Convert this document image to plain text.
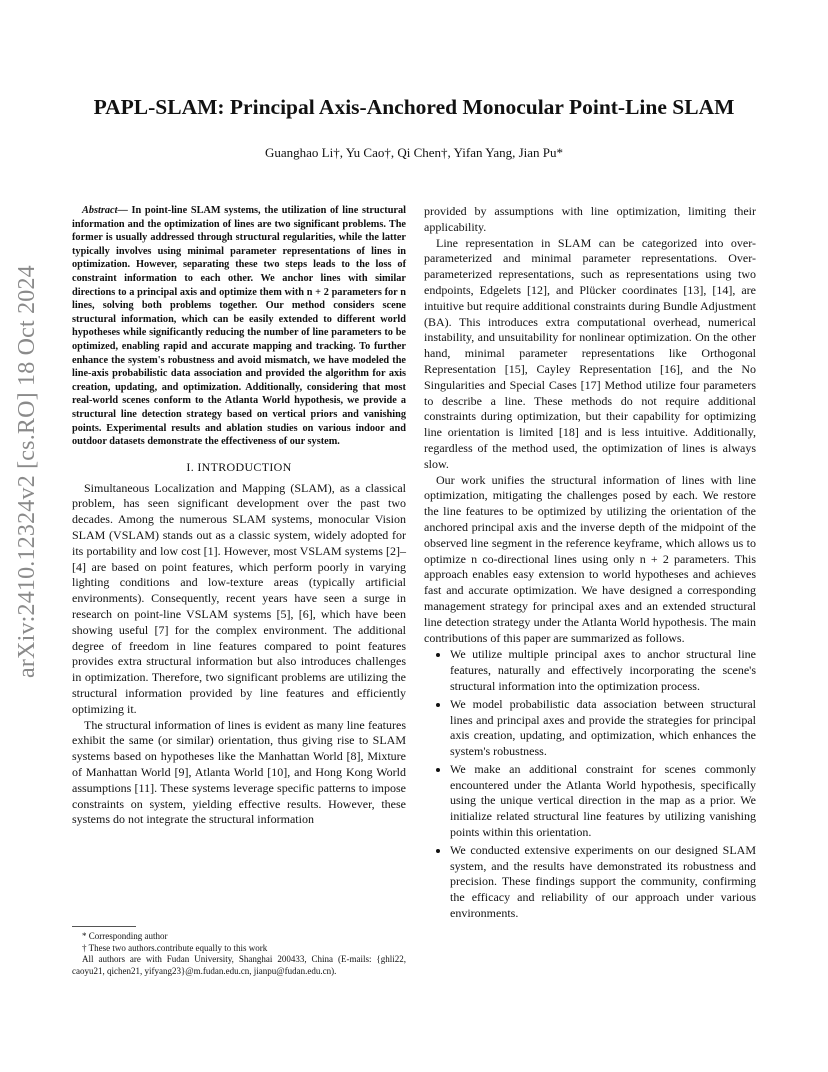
arXiv:2410.12324v2 [cs.RO] 18 Oct 2024
PAPL-SLAM: Principal Axis-Anchored Monocular Point-Line SLAM
Guanghao Li†, Yu Cao†, Qi Chen†, Yifan Yang, Jian Pu*

Abstract— In point-line SLAM systems, the utilization of line structural information and the optimization of lines are two significant problems. The former is usually addressed through structural regularities, while the latter typically involves using minimal parameter representations of lines in optimization. However, separating these two steps leads to the loss of constraint information to each other. We anchor lines with similar directions to a principal axis and optimize them with n + 2 parameters for n lines, solving both problems together. Our method considers scene structural information, which can be easily extended to different world hypotheses while significantly reducing the number of line parameters to be optimized, enabling rapid and accurate mapping and tracking. To further enhance the system's robustness and avoid mismatch, we have modeled the line-axis probabilistic data association and provided the algorithm for axis creation, updating, and optimization. Additionally, considering that most real-world scenes conform to the Atlanta World hypothesis, we provide a structural line detection strategy based on vertical priors and vanishing points. Experimental results and ablation studies on various indoor and outdoor datasets demonstrate the effectiveness of our system.

I. INTRODUCTION

Simultaneous Localization and Mapping (SLAM), as a classical problem, has seen significant development over the past two decades. Among the numerous SLAM systems, monocular Vision SLAM (VSLAM) stands out as a classic system, widely adopted for its portability and low cost [1]. However, most VSLAM systems [2]–[4] are based on point features, which perform poorly in varying lighting conditions and low-texture areas (typically artificial environments). Consequently, recent years have seen a surge in research on point-line VSLAM systems [5], [6], which have been showing useful [7] for the complex environment. The additional degree of freedom in line features compared to point features provides extra structural information but also introduces challenges in optimization. Therefore, two significant problems are utilizing the structural information provided by line features and efficiently optimizing it.

The structural information of lines is evident as many line features exhibit the same (or similar) orientation, thus giving rise to SLAM systems based on hypotheses like the Manhattan World [8], Mixture of Manhattan World [9], Atlanta World [10], and Hong Kong World assumptions [11]. These systems leverage specific patterns to impose constraints on system, yielding effective results. However, these systems do not integrate the structural information

* Corresponding author

† These two authors.contribute equally to this work

All authors are with Fudan University, Shanghai 200433, China (E-mails: {ghli22, caoyu21, qichen21, yifyang23}@m.fudan.edu.cn, jianpu@fudan.edu.cn).

provided by assumptions with line optimization, limiting their applicability.

Line representation in SLAM can be categorized into over-parameterized and minimal parameter representations. Over-parameterized representations, such as representations using two endpoints, Edgelets [12], and Plücker coordinates [13], [14], are intuitive but require additional constraints during Bundle Adjustment (BA). This introduces extra computational overhead, numerical instability, and unsuitability for nonlinear optimization. On the other hand, minimal parameter representations like Orthogonal Representation [15], Cayley Representation [16], and the No Singularities and Special Cases [17] Method utilize four parameters to describe a line. These methods do not require additional constraints during optimization, but their capability for optimizing line orientation is limited [18] and is less intuitive. Additionally, regardless of the method used, the optimization of lines is always slow.

Our work unifies the structural information of lines with line optimization, mitigating the challenges posed by each. We restore the line features to be optimized by utilizing the orientation of the anchored principal axis and the inverse depth of the midpoint of the observed line segment in the reference keyframe, which allows us to optimize n co-directional lines using only n + 2 parameters. This approach enables easy extension to world hypotheses and achieves fast and accurate optimization. We have designed a corresponding management strategy for principal axes and an extended structural line detection strategy under the Atlanta World hypothesis. The main contributions of this paper are summarized as follows.

• We utilize multiple principal axes to anchor structural line features, naturally and effectively incorporating the scene's structural information into the optimization process.
• We model probabilistic data association between structural lines and principal axes and provide the strategies for principal axis creation, updating, and optimization, which enhances the system's robustness.
• We make an additional constraint for scenes commonly encountered under the Atlanta World hypothesis, specifically using the unique vertical direction in the map as a prior. We initialize related structural line features by utilizing vanishing points within this orientation.
• We conducted extensive experiments on our designed SLAM system, and the results have demonstrated its robustness and precision. These findings support the community, confirming the efficacy and reliability of our approach under various environments.
